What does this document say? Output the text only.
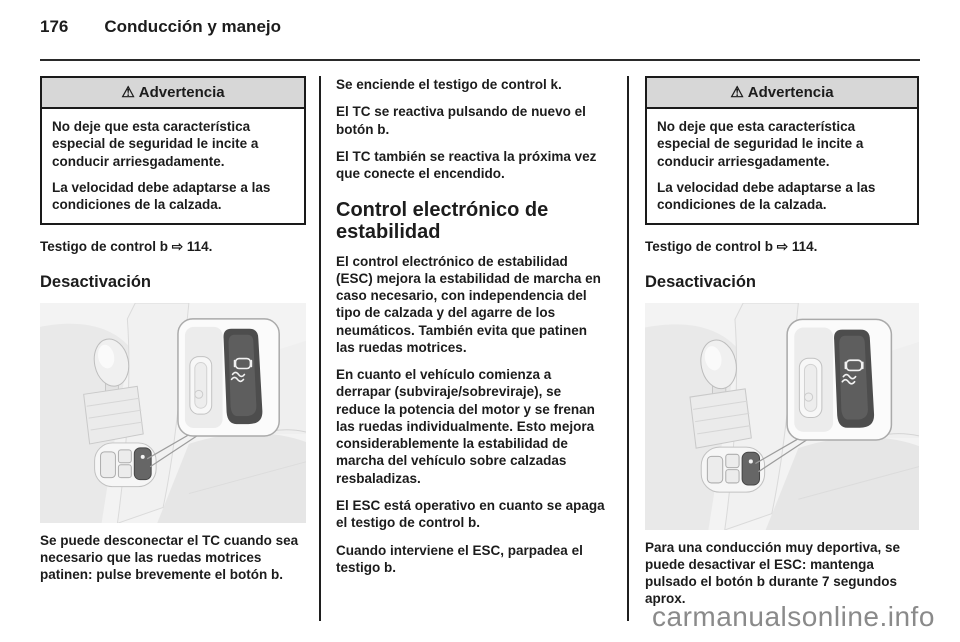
176 Conducción y manejo
⚠ Advertencia

No deje que esta característica especial de seguridad le incite a conducir arriesgadamente.

La velocidad debe adaptarse a las condiciones de la calzada.

Testigo de control b ⇨ 114.

Desactivación

Se puede desconectar el TC cuando sea necesario que las ruedas motrices patinen: pulse brevemente el botón b.

Se enciende el testigo de control k.

El TC se reactiva pulsando de nuevo el botón b.

El TC también se reactiva la próxima vez que conecte el encendido.

Control electrónico de estabilidad

El control electrónico de estabilidad (ESC) mejora la estabilidad de marcha en caso necesario, con independencia del tipo de calzada y del agarre de los neumáticos. También evita que patinen las ruedas motrices.

En cuanto el vehículo comienza a derrapar (subviraje/sobreviraje), se reduce la potencia del motor y se frenan las ruedas individualmente. Esto mejora considerablemente la estabilidad de marcha del vehículo sobre calzadas resbaladizas.

El ESC está operativo en cuanto se apaga el testigo de control b.

Cuando interviene el ESC, parpadea el testigo b.

⚠ Advertencia

No deje que esta característica especial de seguridad le incite a conducir arriesgadamente.

La velocidad debe adaptarse a las condiciones de la calzada.

Testigo de control b ⇨ 114.

Desactivación

Para una conducción muy deportiva, se puede desactivar el ESC: mantenga pulsado el botón b durante 7 segundos aprox.

carmanualsonline.info
